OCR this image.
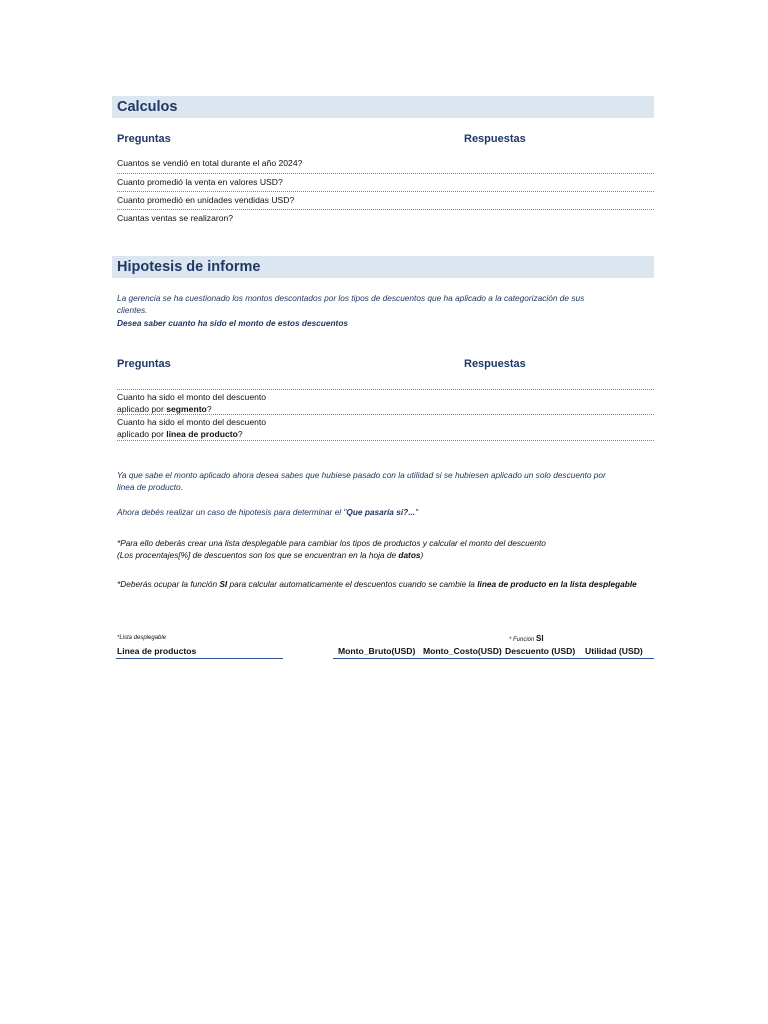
Calculos
Preguntas	Respuestas
Cuantos se vendió en total durante el año 2024?
Cuanto promedió la venta en valores USD?
Cuanto promedió en unidades vendidas USD?
Cuantas ventas se realizaron?
Hipotesis de informe
La gerencia se ha cuestionado los montos descontados por los tipos de descuentos que ha aplicado a la categorización de sus
clientes.
Desea saber cuanto ha sido el monto de estos descuentos
Preguntas	Respuestas
Cuanto ha sido el monto del descuento
aplicado por segmento?
Cuanto ha sido el monto del descuento
aplicado por linea de producto?
Ya que sabe el monto aplicado ahora desea sabes que hubiese pasado con la utilidad si se hubiesen aplicado un solo descuento por
linea de producto.
Ahora debés realizar un caso de hipotesis para determinar el "Que pasaría si?..."
*Para ello deberás crear una lista desplegable para cambiar los tipos de productos y calcular el monto del descuento
(Los procentajes[%] de descuentos son los que se encuentran en la hoja de datos)
*Deberás ocupar la función SI para calcular automaticamente el descuentos cuando se cambie la linea de producto en la lista desplegable
*Lista desplegable	* Función SI
Linea de productos	Monto_Bruto(USD) Monto_Costo(USD) Descuento (USD) Utilidad (USD)
